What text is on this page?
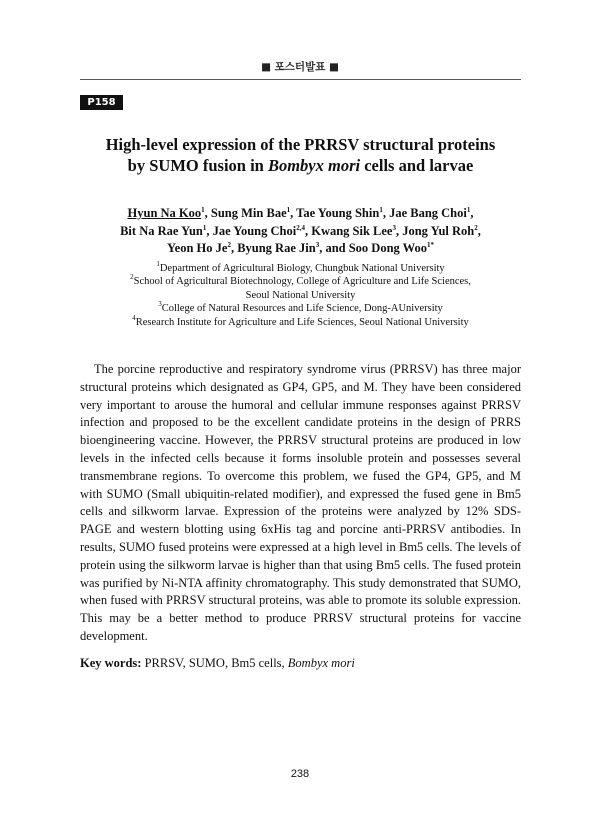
■ 포스터발표 ■
P158
High-level expression of the PRRSV structural proteins
by SUMO fusion in Bombyx mori cells and larvae
Hyun Na Koo$^1$, Sung Min Bae$^1$, Tae Young Shin$^1$, Jae Bang Choi$^1$,
Bit Na Rae Yun$^1$, Jae Young Choi$^{2,4}$, Kwang Sik Lee$^3$, Jong Yul Roh$^2$,
Yeon Ho Je$^2$, Byung Rae Jin$^3$, and Soo Dong Woo$^{1*}$
$^1$Department of Agricultural Biology, Chungbuk National University
$^2$School of Agricultural Biotechnology, College of Agriculture and Life Sciences,
Seoul National University
$^3$College of Natural Resources and Life Science, Dong-AUniversity
$^4$Research Institute for Agriculture and Life Sciences, Seoul National University

The porcine reproductive and respiratory syndrome virus (PRRSV) has three major structural proteins which designated as GP4, GP5, and M. They have been considered very important to arouse the humoral and cellular immune responses against PRRSV infection and proposed to be the excellent candidate proteins in the design of PRRS bioengineering vaccine. However, the PRRSV structural proteins are produced in low levels in the infected cells because it forms insoluble protein and possesses several transmembrane regions. To overcome this problem, we fused the GP4, GP5, and M with SUMO (Small ubiquitin-related modifier), and expressed the fused gene in Bm5 cells and silkworm larvae. Expression of the proteins were analyzed by 12% SDS-PAGE and western blotting using 6xHis tag and porcine anti-PRRSV antibodies. In results, SUMO fused proteins were expressed at a high level in Bm5 cells. The levels of protein using the silkworm larvae is higher than that using Bm5 cells. The fused protein was purified by Ni-NTA affinity chromatography. This study demonstrated that SUMO, when fused with PRRSV structural proteins, was able to promote its soluble expression. This may be a better method to produce PRRSV structural proteins for vaccine development.

Key words: PRRSV, SUMO, Bm5 cells, Bombyx mori
238
